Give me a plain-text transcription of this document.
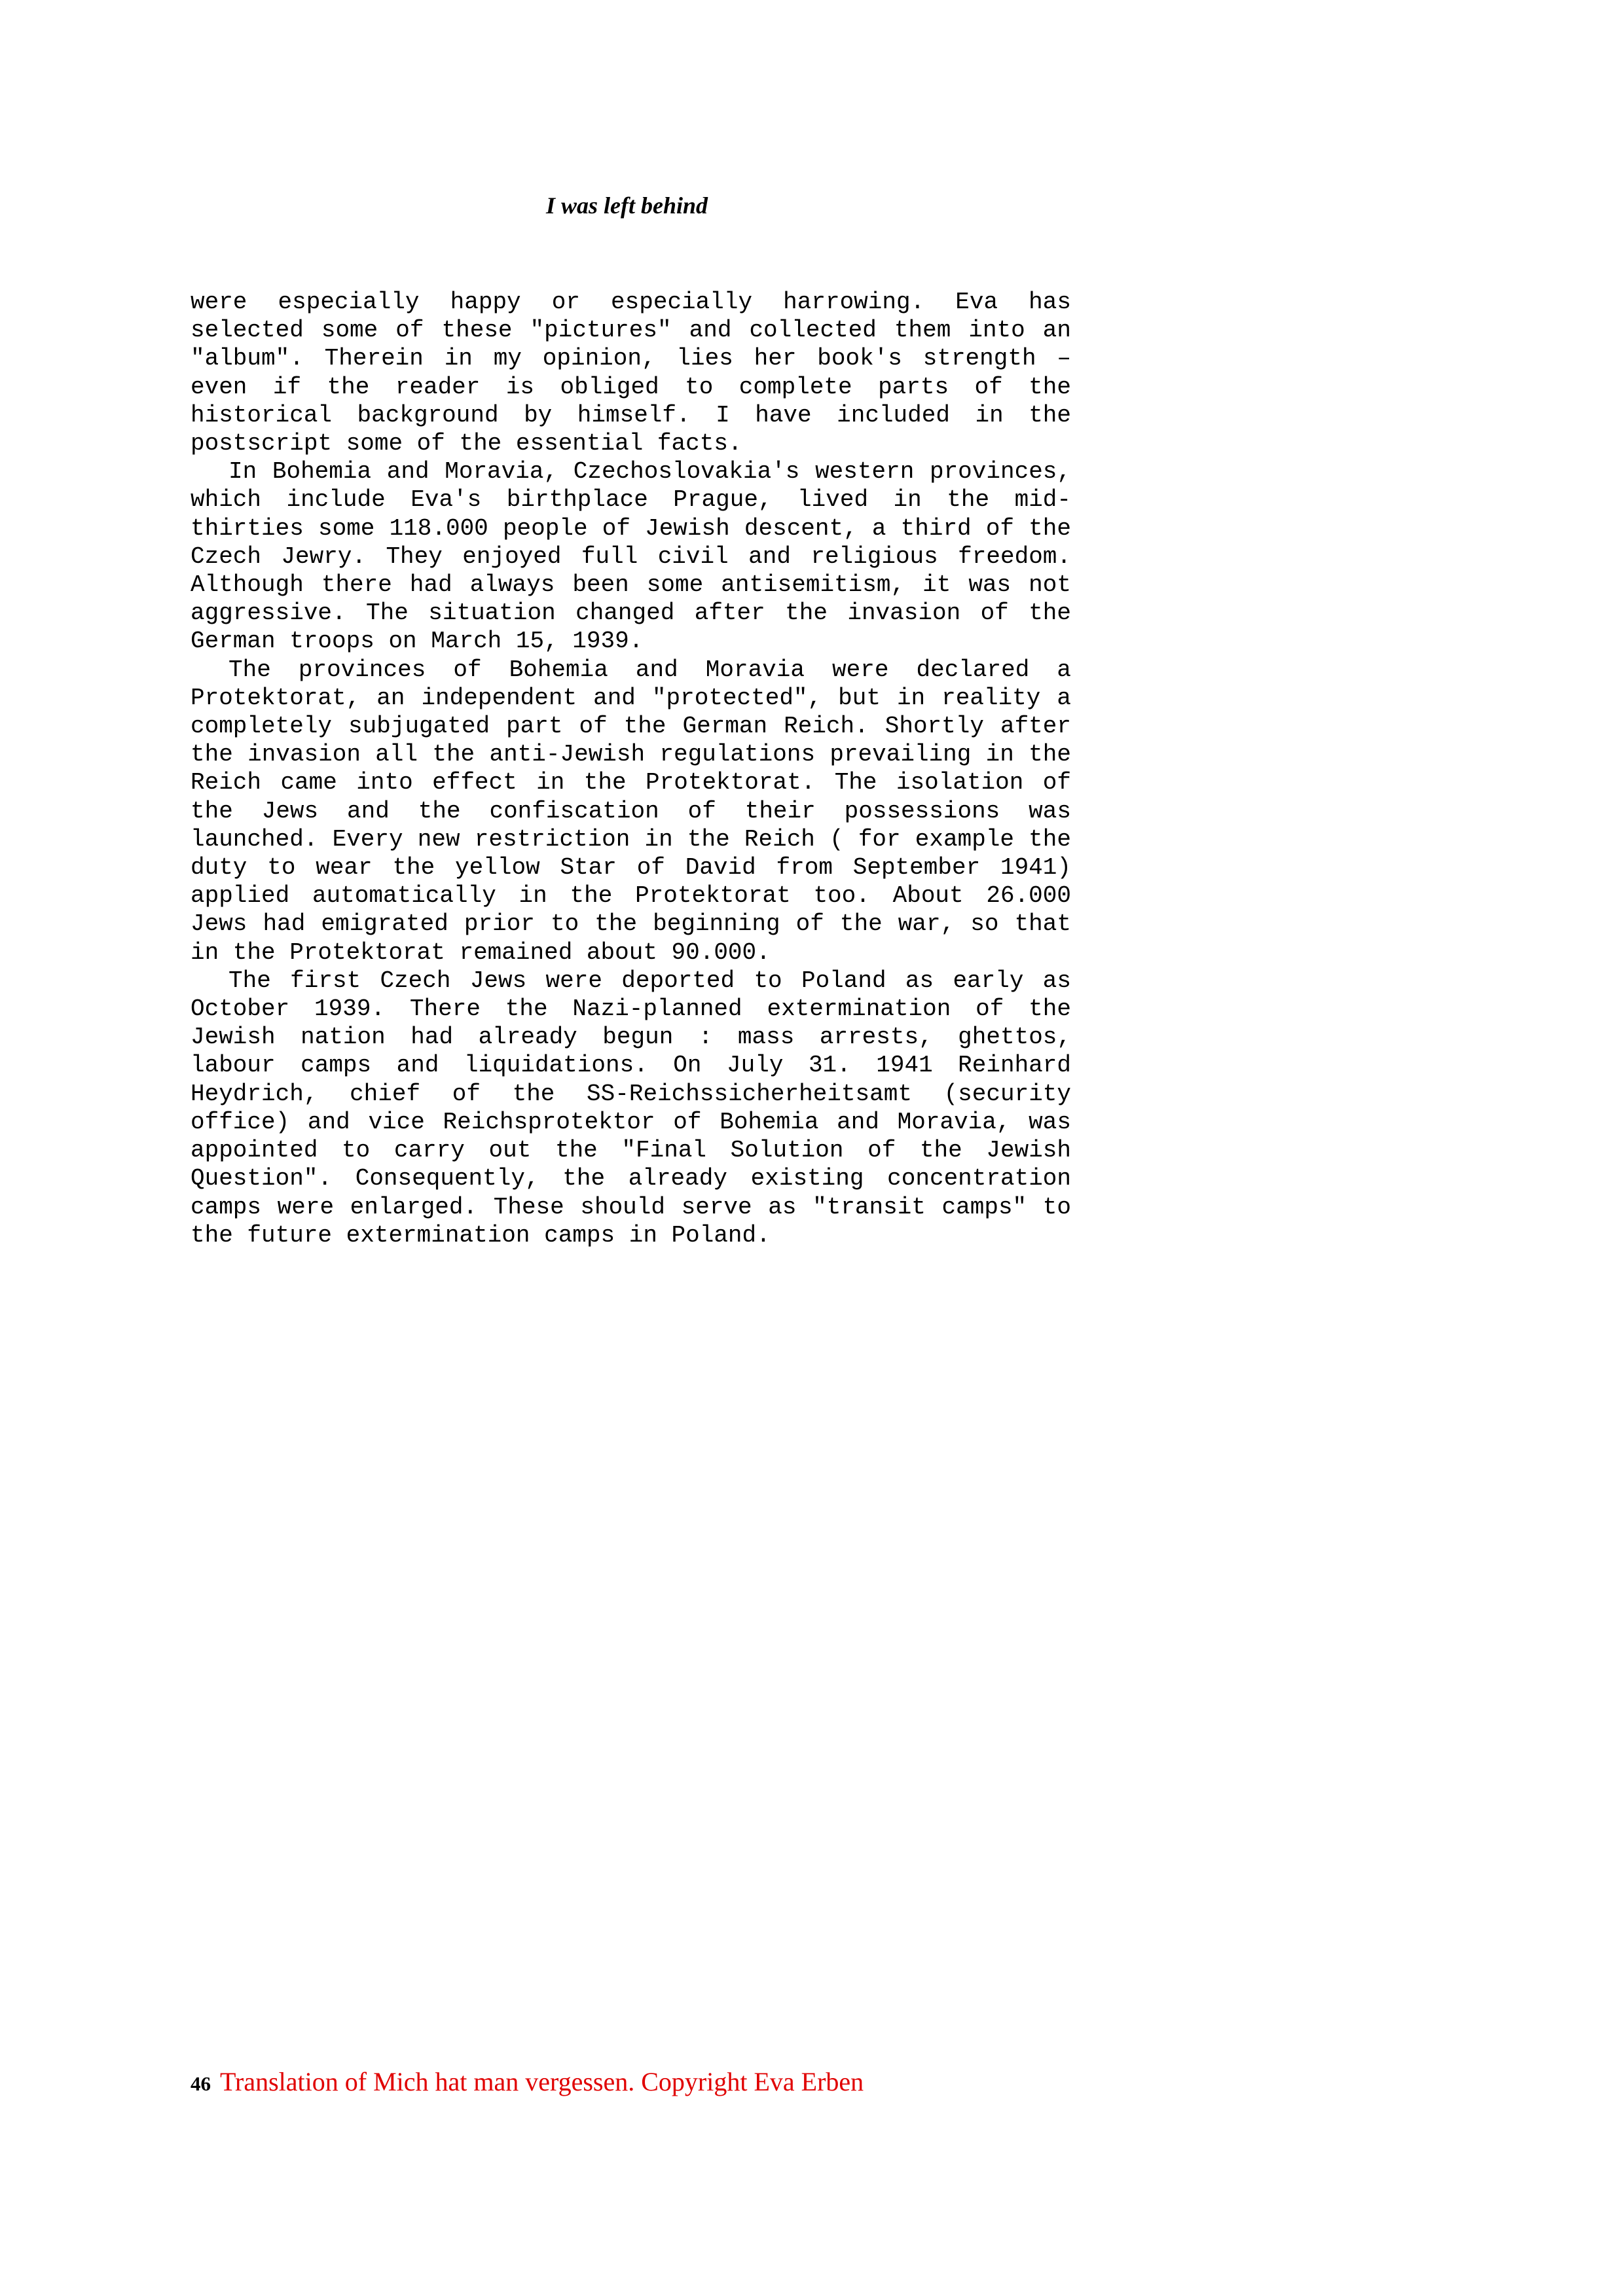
I was left behind

were especially happy or especially harrowing. Eva has selected some of these "pictures" and collected them into an "album". Therein in my opinion, lies her book's strength – even if the reader is obliged to complete parts of the historical background by himself. I have included in the postscript some of the essential facts.

In Bohemia and Moravia, Czechoslovakia's western provinces, which include Eva's birthplace Prague, lived in the mid-thirties some 118.000 people of Jewish descent, a third of the Czech Jewry. They enjoyed full civil and religious freedom. Although there had always been some antisemitism, it was not aggressive. The situation changed after the invasion of the German troops on March 15, 1939.

The provinces of Bohemia and Moravia were declared a Protektorat, an independent and "protected", but in reality a completely subjugated part of the German Reich. Shortly after the invasion all the anti-Jewish regulations prevailing in the Reich came into effect in the Protektorat. The isolation of the Jews and the confiscation of their possessions was launched. Every new restriction in the Reich ( for example the duty to wear the yellow Star of David from September 1941) applied automatically in the Protektorat too. About 26.000 Jews had emigrated prior to the beginning of the war, so that in the Protektorat remained about 90.000.

The first Czech Jews were deported to Poland as early as October 1939. There the Nazi-planned extermination of the Jewish nation had already begun : mass arrests, ghettos, labour camps and liquidations. On July 31. 1941 Reinhard Heydrich, chief of the SS-Reichssicherheitsamt (security office) and vice Reichsprotektor of Bohemia and Moravia, was appointed to carry out the "Final Solution of the Jewish Question". Consequently, the already existing concentration camps were enlarged. These should serve as "transit camps" to the future extermination camps in Poland.

46 Translation of Mich hat man vergessen. Copyright Eva Erben
